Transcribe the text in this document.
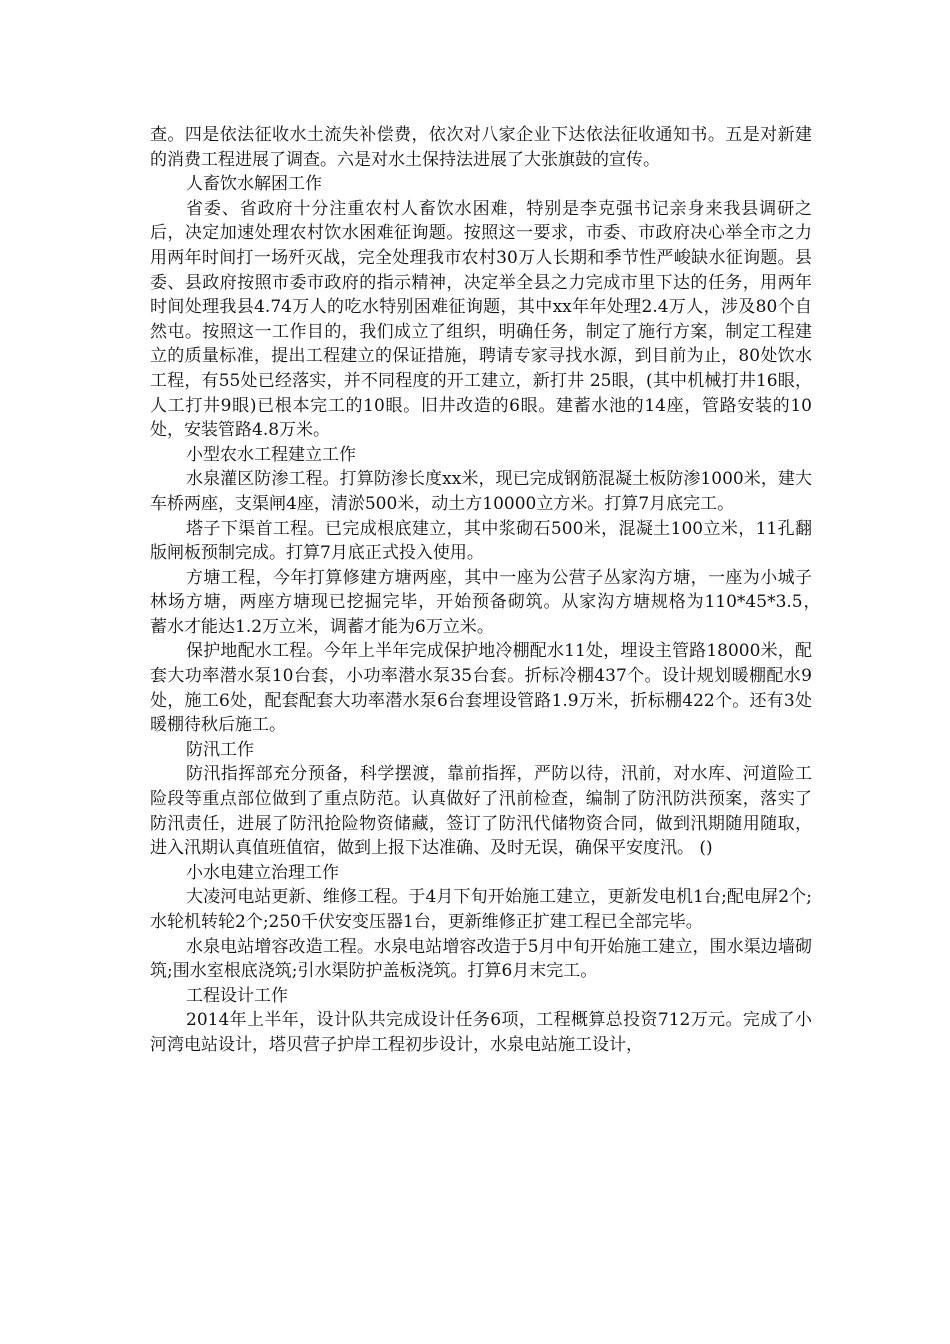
查。四是依法征收水土流失补偿费，依次对八家企业下达依法征收通知书。五是对新建的消费工程进展了调查。六是对水土保持法进展了大张旗鼓的宣传。

人畜饮水解困工作

省委、省政府十分注重农村人畜饮水困难，特别是李克强书记亲身来我县调研之后，决定加速处理农村饮水困难征询题。按照这一要求，市委、市政府决心举全市之力用两年时间打一场歼灭战，完全处理我市农村30万人长期和季节性严峻缺水征询题。县委、县政府按照市委市政府的指示精神，决定举全县之力完成市里下达的任务，用两年时间处理我县4.74万人的吃水特别困难征询题，其中xx年年处理2.4万人，涉及80个自然屯。按照这一工作目的，我们成立了组织，明确任务，制定了施行方案，制定工程建立的质量标准，提出工程建立的保证措施，聘请专家寻找水源，到目前为止，80处饮水工程，有55处已经落实，并不同程度的开工建立，新打井 25眼，(其中机械打井16眼，人工打井9眼)已根本完工的10眼。旧井改造的6眼。建蓄水池的14座，管路安装的10处，安装管路4.8万米。

小型农水工程建立工作

水泉灌区防渗工程。打算防渗长度xx米，现已完成钢筋混凝土板防渗1000米，建大车桥两座，支渠闸4座，清淤500米，动土方10000立方米。打算7月底完工。

塔子下渠首工程。已完成根底建立，其中浆砌石500米，混凝土100立米，11孔翻版闸板预制完成。打算7月底正式投入使用。

方塘工程，今年打算修建方塘两座，其中一座为公营子丛家沟方塘，一座为小城子林场方塘，两座方塘现已挖掘完毕，开始预备砌筑。从家沟方塘规格为110*45*3.5，　蓄水才能达1.2万立米，调蓄才能为6万立米。

保护地配水工程。今年上半年完成保护地冷棚配水11处，埋设主管路18000米，配套大功率潜水泵10台套，小功率潜水泵35台套。折标冷棚437个。设计规划暖棚配水9处，施工6处，配套配套大功率潜水泵6台套埋设管路1.9万米，折标棚422个。还有3处暖棚待秋后施工。

防汛工作

防汛指挥部充分预备，科学摆渡，靠前指挥，严防以待，汛前，对水库、河道险工险段等重点部位做到了重点防范。认真做好了汛前检查，编制了防汛防洪预案，落实了防汛责任，进展了防汛抢险物资储藏，签订了防汛代储物资合同，做到汛期随用随取，进入汛期认真值班值宿，做到上报下达准确、及时无误，确保平安度汛。 ()

小水电建立治理工作

大凌河电站更新、维修工程。于4月下旬开始施工建立，更新发电机1台;配电屏2个;水轮机转轮2个;250千伏安变压器1台，更新维修正扩建工程已全部完毕。

水泉电站增容改造工程。水泉电站增容改造于5月中旬开始施工建立，围水渠边墙砌筑;围水室根底浇筑;引水渠防护盖板浇筑。打算6月末完工。

工程设计工作

2014年上半年，设计队共完成设计任务6项，工程概算总投资712万元。完成了小河湾电站设计，塔贝营子护岸工程初步设计，水泉电站施工设计，
